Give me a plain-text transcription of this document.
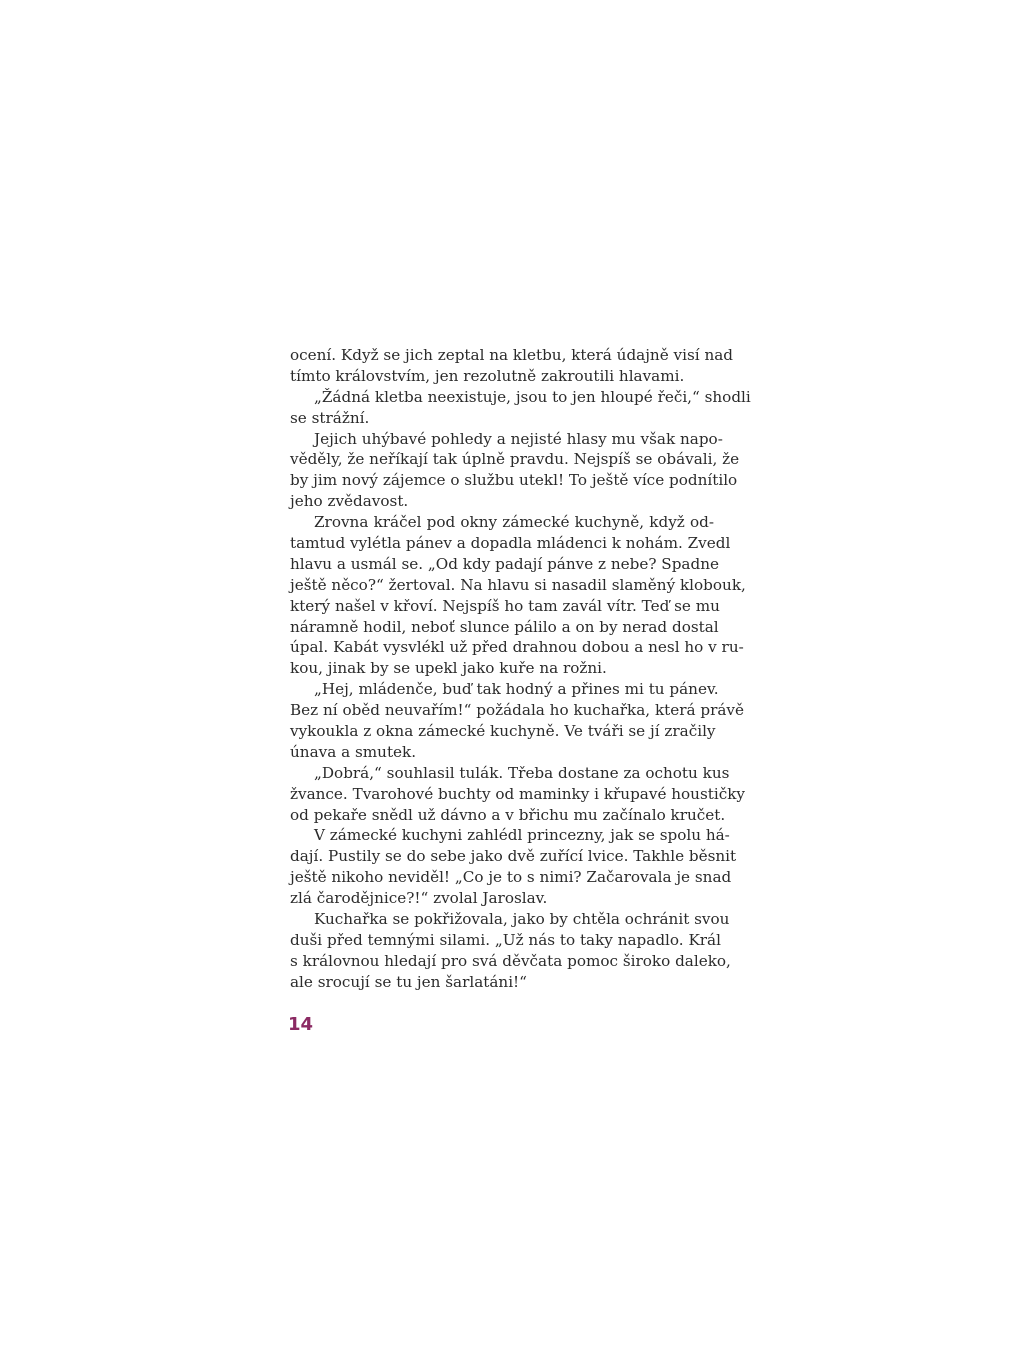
ocení. Když se jich zeptal na kletbu, která údajně visí nad
tímto královstvím, jen rezolutně zakroutili hlavami.
„Žádná kletba neexistuje, jsou to jen hloupé řeči,“ shodli
se strážní.
Jejich uhýbavé pohledy a nejisté hlasy mu však napo-
věděly, že neříkají tak úplně pravdu. Nejspíš se obávali, že
by jim nový zájemce o službu utekl! To ještě více podnítilo
jeho zvědavost.
Zrovna kráčel pod okny zámecké kuchyně, když od-
tamtud vylétla pánev a dopadla mládenci k nohám. Zvedl
hlavu a usmál se. „Od kdy padají pánve z nebe? Spadne
ještě něco?“ žertoval. Na hlavu si nasadil slaměný klobouk,
který našel v křoví. Nejspíš ho tam zavál vítr. Teď se mu
náramně hodil, neboť slunce pálilo a on by nerad dostal
úpal. Kabát vysvlékl už před drahnou dobou a nesl ho v ru-
kou, jinak by se upekl jako kuře na rožni.
„Hej, mládenče, buď tak hodný a přines mi tu pánev.
Bez ní oběd neuvařím!“ požádala ho kuchařka, která právě
vykoukla z okna zámecké kuchyně. Ve tváři se jí zračily
únava a smutek.
„Dobrá,“ souhlasil tulák. Třeba dostane za ochotu kus
žvance. Tvarohové buchty od maminky i křupavé houstičky
od pekaře snědl už dávno a v břichu mu začínalo kručet.
V zámecké kuchyni zahlédl princezny, jak se spolu há-
dají. Pustily se do sebe jako dvě zuřící lvice. Takhle běsnit
ještě nikoho neviděl! „Co je to s nimi? Začarovala je snad
zlá čarodějnice?!“ zvolal Jaroslav.
Kuchařka se pokřižovala, jako by chtěla ochránit svou
duši před temnými silami. „Už nás to taky napadlo. Král
s královnou hledají pro svá děvčata pomoc široko daleko,
ale srocují se tu jen šarlatáni!“
14
